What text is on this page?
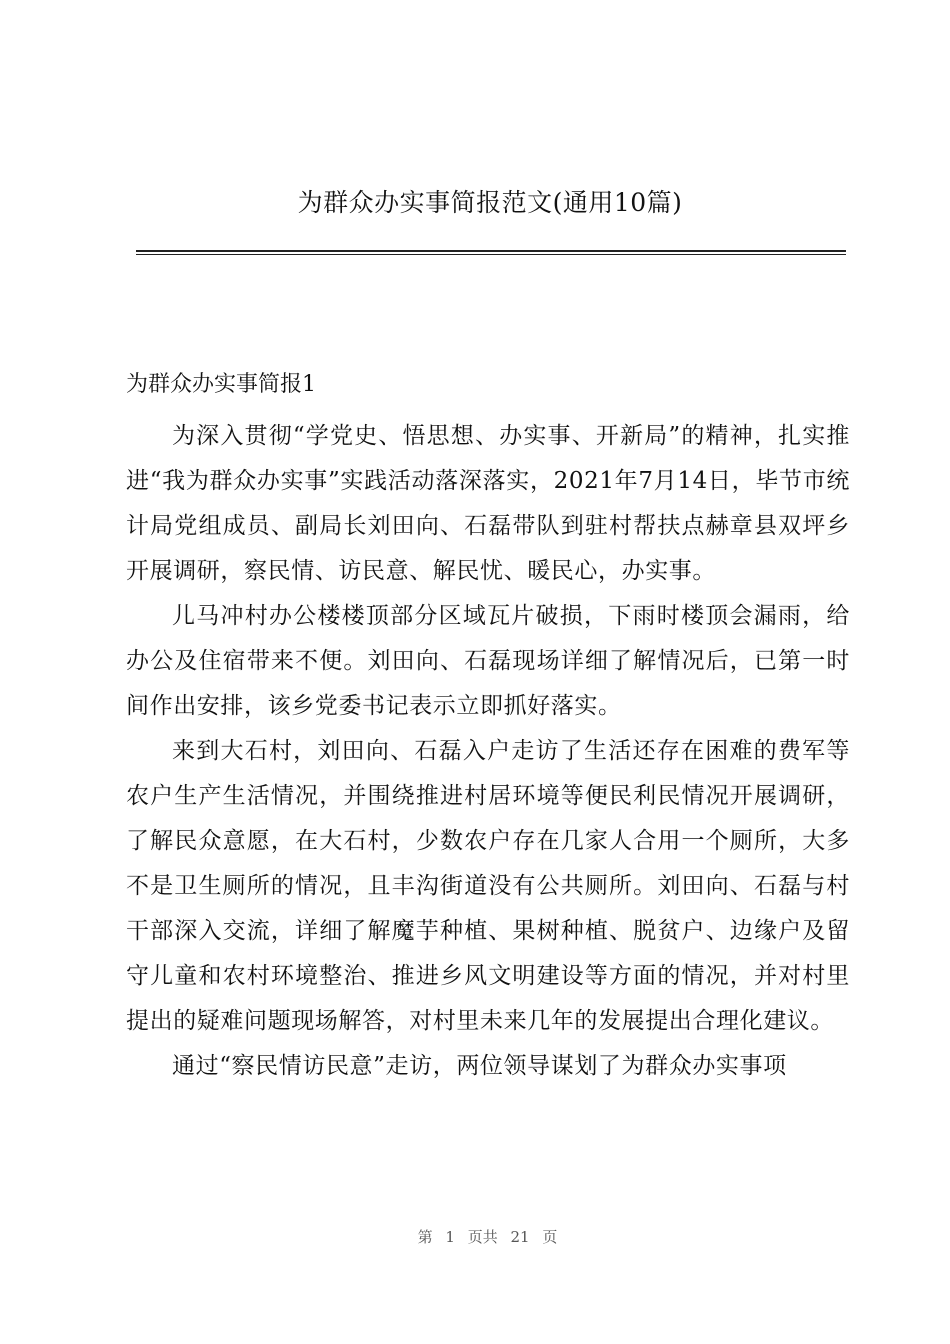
为群众办实事简报范文(通用10篇)

为群众办实事简报1

为深入贯彻“学党史、悟思想、办实事、开新局”的精神，扎实推进“我为群众办实事”实践活动落深落实，2021年7月14日，毕节市统计局党组成员、副局长刘田向、石磊带队到驻村帮扶点赫章县双坪乡开展调研，察民情、访民意、解民忧、暖民心，办实事。

儿马冲村办公楼楼顶部分区域瓦片破损，下雨时楼顶会漏雨，给办公及住宿带来不便。刘田向、石磊现场详细了解情况后，已第一时间作出安排，该乡党委书记表示立即抓好落实。

来到大石村，刘田向、石磊入户走访了生活还存在困难的费军等农户生产生活情况，并围绕推进村居环境等便民利民情况开展调研，了解民众意愿，在大石村，少数农户存在几家人合用一个厕所，大多不是卫生厕所的情况，且丰沟街道没有公共厕所。刘田向、石磊与村干部深入交流，详细了解魔芋种植、果树种植、脱贫户、边缘户及留守儿童和农村环境整治、推进乡风文明建设等方面的情况，并对村里提出的疑难问题现场解答，对村里未来几年的发展提出合理化建议。

通过“察民情访民意”走访，两位领导谋划了为群众办实事项

第 1 页共 21 页
